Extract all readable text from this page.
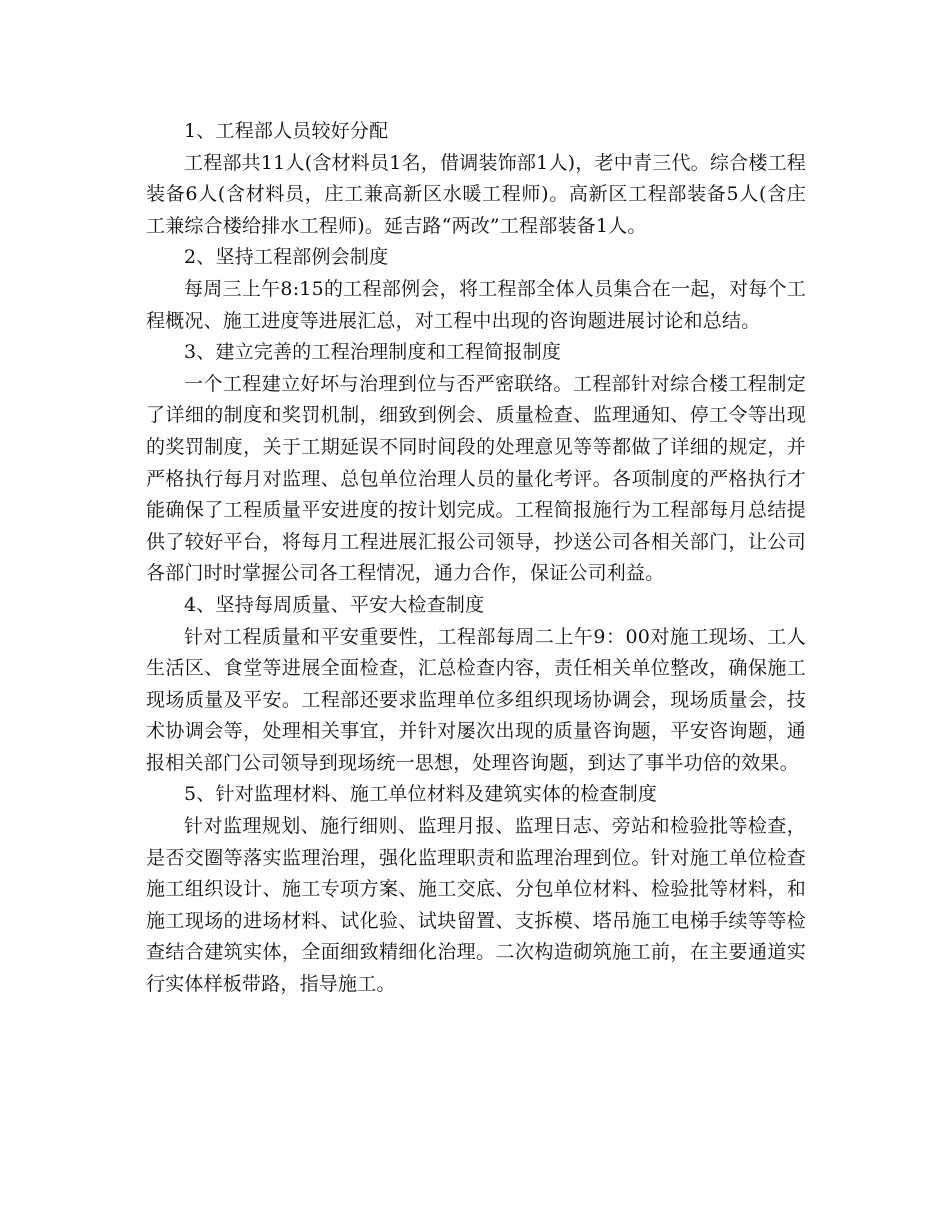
1、工程部人员较好分配

工程部共11人(含材料员1名，借调装饰部1人)，老中青三代。综合楼工程装备6人(含材料员，庄工兼高新区水暖工程师)。高新区工程部装备5人(含庄工兼综合楼给排水工程师)。延吉路“两改”工程部装备1人。

2、坚持工程部例会制度

每周三上午8:15的工程部例会，将工程部全体人员集合在一起，对每个工程概况、施工进度等进展汇总，对工程中出现的咨询题进展讨论和总结。

3、建立完善的工程治理制度和工程简报制度

一个工程建立好坏与治理到位与否严密联络。工程部针对综合楼工程制定了详细的制度和奖罚机制，细致到例会、质量检查、监理通知、停工令等出现的奖罚制度，关于工期延误不同时间段的处理意见等等都做了详细的规定，并严格执行每月对监理、总包单位治理人员的量化考评。各项制度的严格执行才能确保了工程质量平安进度的按计划完成。工程简报施行为工程部每月总结提供了较好平台，将每月工程进展汇报公司领导，抄送公司各相关部门，让公司各部门时时掌握公司各工程情况，通力合作，保证公司利益。

4、坚持每周质量、平安大检查制度

针对工程质量和平安重要性，工程部每周二上午9：00对施工现场、工人生活区、食堂等进展全面检查，汇总检查内容，责任相关单位整改，确保施工现场质量及平安。工程部还要求监理单位多组织现场协调会，现场质量会，技术协调会等，处理相关事宜，并针对屡次出现的质量咨询题，平安咨询题，通报相关部门公司领导到现场统一思想，处理咨询题，到达了事半功倍的效果。

5、针对监理材料、施工单位材料及建筑实体的检查制度

针对监理规划、施行细则、监理月报、监理日志、旁站和检验批等检查，是否交圈等落实监理治理，强化监理职责和监理治理到位。针对施工单位检查施工组织设计、施工专项方案、施工交底、分包单位材料、检验批等材料，和施工现场的进场材料、试化验、试块留置、支拆模、塔吊施工电梯手续等等检查结合建筑实体，全面细致精细化治理。二次构造砌筑施工前，在主要通道实行实体样板带路，指导施工。
